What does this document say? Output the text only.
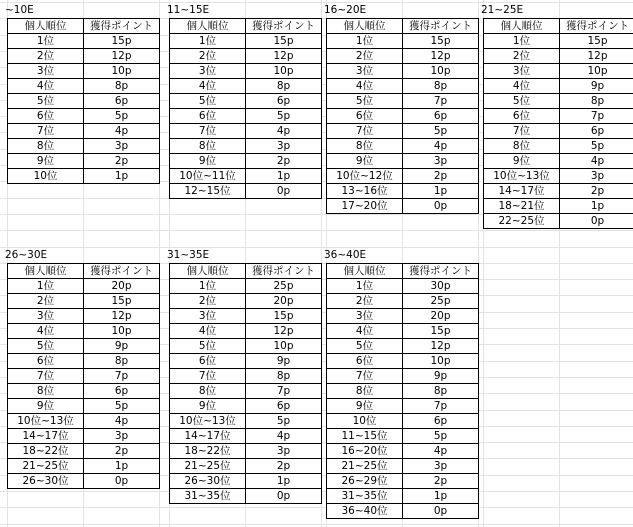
~10E
個人順位	獲得ポイント
1位	15p
2位	12p
3位	10p
4位	8p
5位	6p
6位	5p
7位	4p
8位	3p
9位	2p
10位	1p
11~15E
個人順位	獲得ポイント
1位	15p
2位	12p
3位	10p
4位	8p
5位	6p
6位	5p
7位	4p
8位	3p
9位	2p
10位~11位	1p
12~15位	0p
16~20E
個人順位	獲得ポイント
1位	15p
2位	12p
3位	10p
4位	8p
5位	7p
6位	6p
7位	5p
8位	4p
9位	3p
10位~12位	2p
13~16位	1p
17~20位	0p
21~25E
個人順位	獲得ポイント
1位	15p
2位	12p
3位	10p
4位	9p
5位	8p
6位	7p
7位	6p
8位	5p
9位	4p
10位~13位	3p
14~17位	2p
18~21位	1p
22~25位	0p
26~30E
個人順位	獲得ポイント
1位	20p
2位	15p
3位	12p
4位	10p
5位	9p
6位	8p
7位	7p
8位	6p
9位	5p
10位~13位	4p
14~17位	3p
18~22位	2p
21~25位	1p
26~30位	0p
31~35E
個人順位	獲得ポイント
1位	25p
2位	20p
3位	15p
4位	12p
5位	10p
6位	9p
7位	8p
8位	7p
9位	6p
10位~13位	5p
14~17位	4p
18~22位	3p
21~25位	2p
26~30位	1p
31~35位	0p
36~40E
個人順位	獲得ポイント
1位	30p
2位	25p
3位	20p
4位	15p
5位	12p
6位	10p
7位	9p
8位	8p
9位	7p
10位	6p
11~15位	5p
16~20位	4p
21~25位	3p
26~29位	2p
31~35位	1p
36~40位	0p
